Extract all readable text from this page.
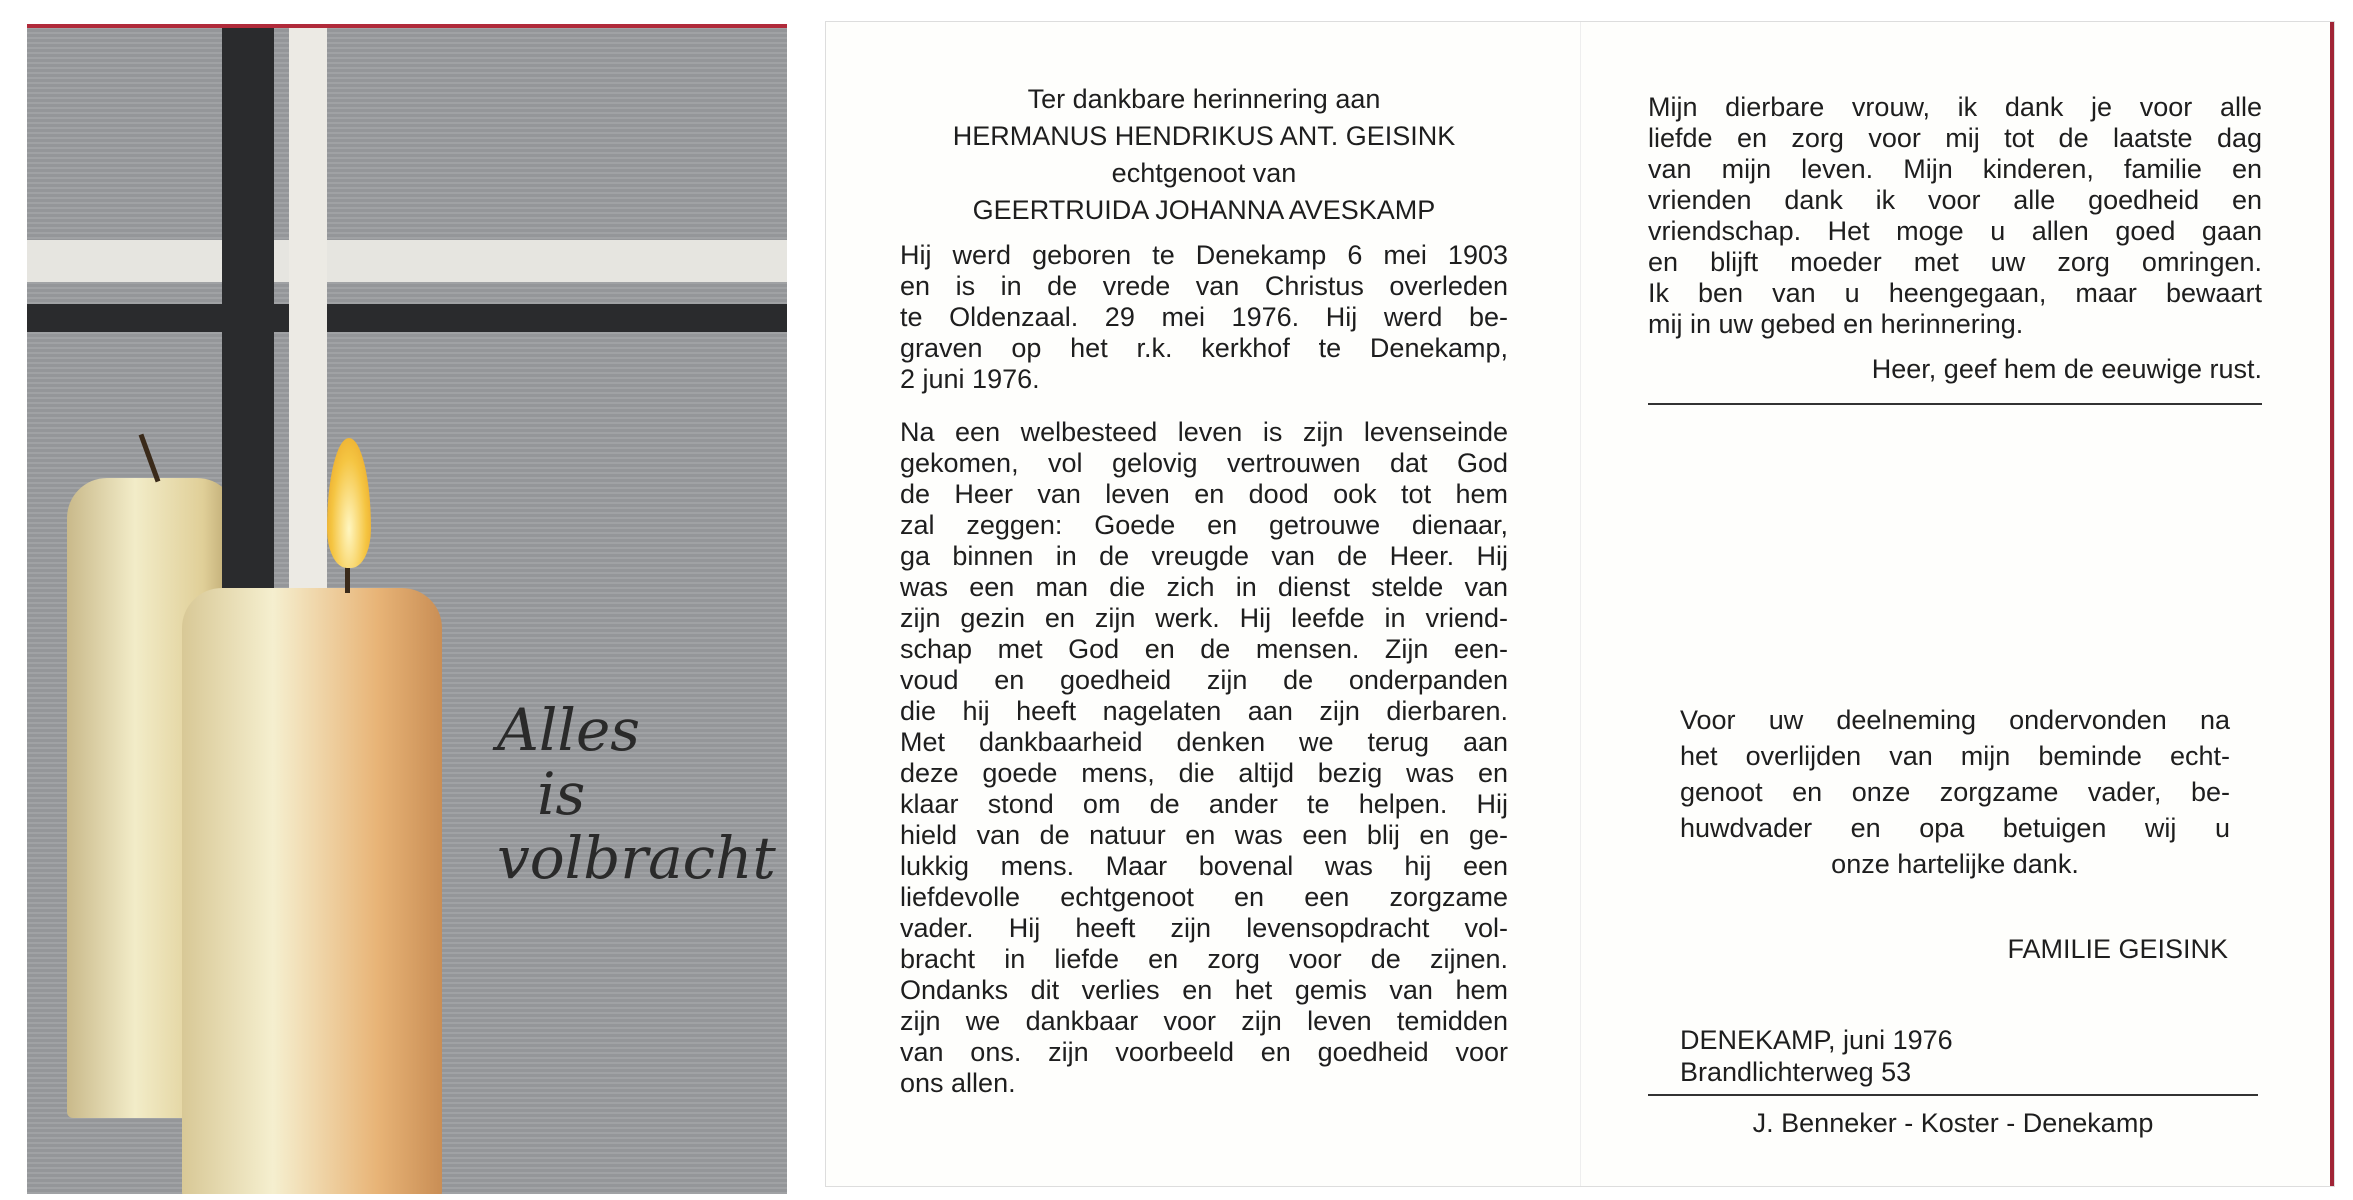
Alles
is
volbracht
Ter dankbare herinnering aan
HERMANUS HENDRIKUS ANT. GEISINK
echtgenoot van
GEERTRUIDA JOHANNA AVESKAMP
Hij werd geboren te Denekamp 6 mei 1903
en is in de vrede van Christus overleden
te Oldenzaal. 29 mei 1976. Hij werd be-
graven op het r.k. kerkhof te Denekamp,
2 juni 1976.
Na een welbesteed leven is zijn levenseinde
gekomen, vol gelovig vertrouwen dat God
de Heer van leven en dood ook tot hem
zal zeggen: Goede en getrouwe dienaar,
ga binnen in de vreugde van de Heer. Hij
was een man die zich in dienst stelde van
zijn gezin en zijn werk. Hij leefde in vriend-
schap met God en de mensen. Zijn een-
voud en goedheid zijn de onderpanden
die hij heeft nagelaten aan zijn dierbaren.
Met dankbaarheid denken we terug aan
deze goede mens, die altijd bezig was en
klaar stond om de ander te helpen. Hij
hield van de natuur en was een blij en ge-
lukkig mens. Maar bovenal was hij een
liefdevolle echtgenoot en een zorgzame
vader. Hij heeft zijn levensopdracht vol-
bracht in liefde en zorg voor de zijnen.
Ondanks dit verlies en het gemis van hem
zijn we dankbaar voor zijn leven temidden
van ons. zijn voorbeeld en goedheid voor
ons allen.
Mijn dierbare vrouw, ik dank je voor alle
liefde en zorg voor mij tot de laatste dag
van mijn leven. Mijn kinderen, familie en
vrienden dank ik voor alle goedheid en
vriendschap. Het moge u allen goed gaan
en blijft moeder met uw zorg omringen.
Ik ben van u heengegaan, maar bewaart
mij in uw gebed en herinnering.
Heer, geef hem de eeuwige rust.
Voor uw deelneming ondervonden na
het overlijden van mijn beminde echt-
genoot en onze zorgzame vader, be-
huwdvader en opa betuigen wij u
onze hartelijke dank.
FAMILIE GEISINK
DENEKAMP, juni 1976
Brandlichterweg 53
J. Benneker - Koster - Denekamp
